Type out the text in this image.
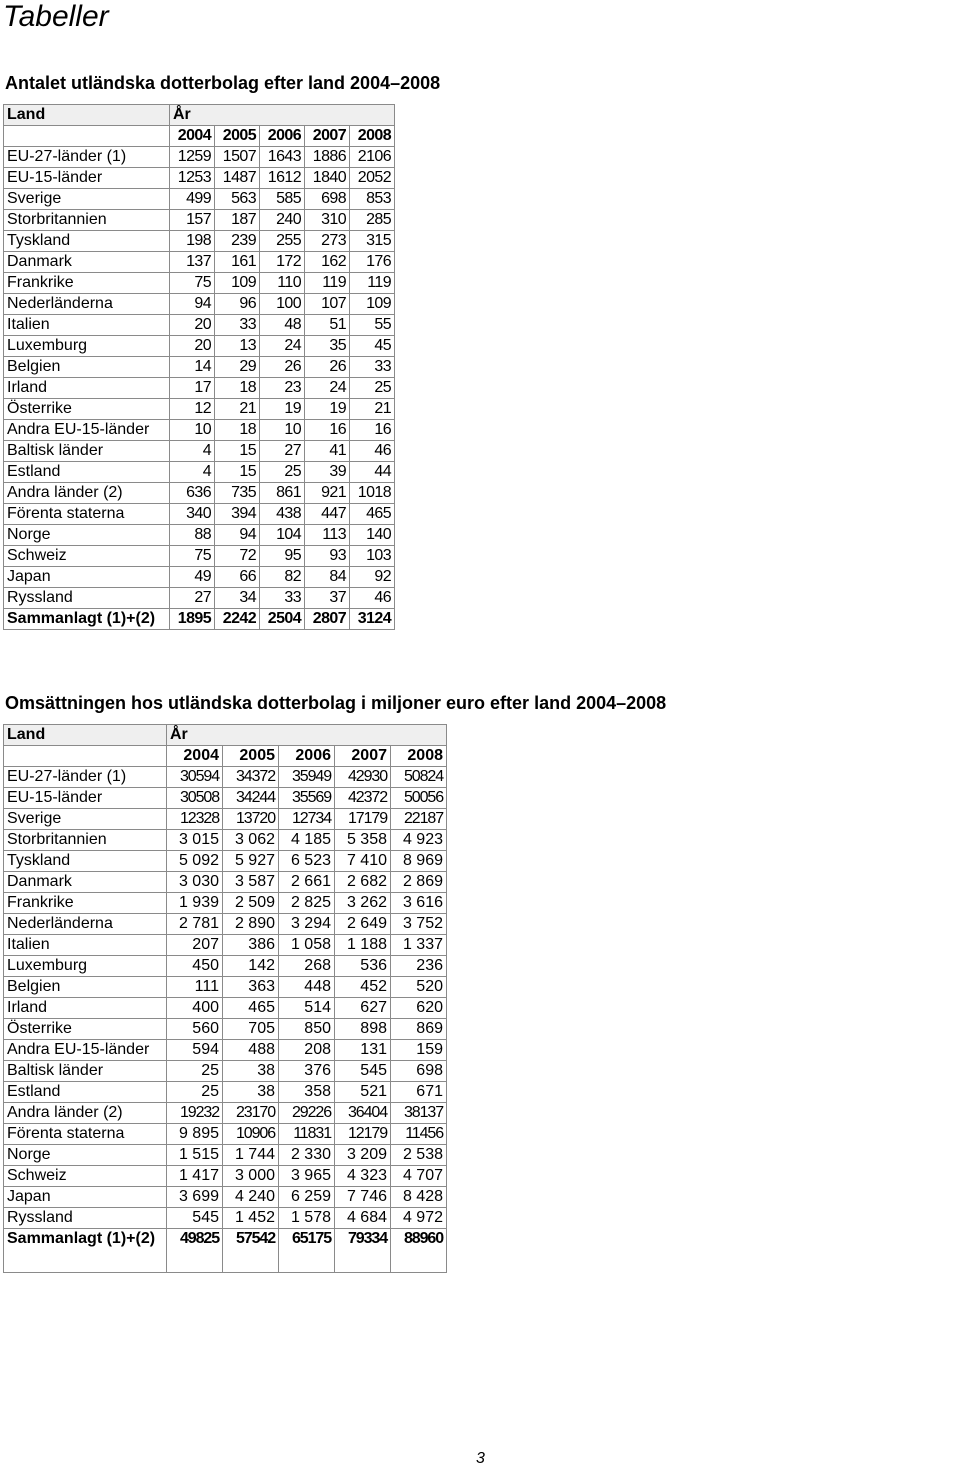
Tabeller
Antalet utländska dotterbolag efter land 2004–2008
Land	År				
	2004	2005	2006	2007	2008
EU-27-länder (1)	1259	1507	1643	1886	2106
EU-15-länder	1253	1487	1612	1840	2052
Sverige	499	563	585	698	853
Storbritannien	157	187	240	310	285
Tyskland	198	239	255	273	315
Danmark	137	161	172	162	176
Frankrike	75	109	110	119	119
Nederländerna	94	96	100	107	109
Italien	20	33	48	51	55
Luxemburg	20	13	24	35	45
Belgien	14	29	26	26	33
Irland	17	18	23	24	25
Österrike	12	21	19	19	21
Andra EU-15-länder	10	18	10	16	16
Baltisk länder	4	15	27	41	46
Estland	4	15	25	39	44
Andra länder (2)	636	735	861	921	1018
Förenta staterna	340	394	438	447	465
Norge	88	94	104	113	140
Schweiz	75	72	95	93	103
Japan	49	66	82	84	92
Ryssland	27	34	33	37	46
Sammanlagt (1)+(2)	1895	2242	2504	2807	3124
Omsättningen hos utländska dotterbolag i miljoner euro efter land 2004–2008
Land	År				
	2004	2005	2006	2007	2008
EU-27-länder (1)	30594	34372	35949	42930	50824
EU-15-länder	30508	34244	35569	42372	50056
Sverige	12328	13720	12734	17179	22187
Storbritannien	3 015	3 062	4 185	5 358	4 923
Tyskland	5 092	5 927	6 523	7 410	8 969
Danmark	3 030	3 587	2 661	2 682	2 869
Frankrike	1 939	2 509	2 825	3 262	3 616
Nederländerna	2 781	2 890	3 294	2 649	3 752
Italien	207	386	1 058	1 188	1 337
Luxemburg	450	142	268	536	236
Belgien	111	363	448	452	520
Irland	400	465	514	627	620
Österrike	560	705	850	898	869
Andra EU-15-länder	594	488	208	131	159
Baltisk länder	25	38	376	545	698
Estland	25	38	358	521	671
Andra länder (2)	19232	23170	29226	36404	38137
Förenta staterna	9 895	10906	11831	12179	11456
Norge	1 515	1 744	2 330	3 209	2 538
Schweiz	1 417	3 000	3 965	4 323	4 707
Japan	3 699	4 240	6 259	7 746	8 428
Ryssland	545	1 452	1 578	4 684	4 972
Sammanlagt (1)+(2)	49825	57542	65175	79334	88960
3
